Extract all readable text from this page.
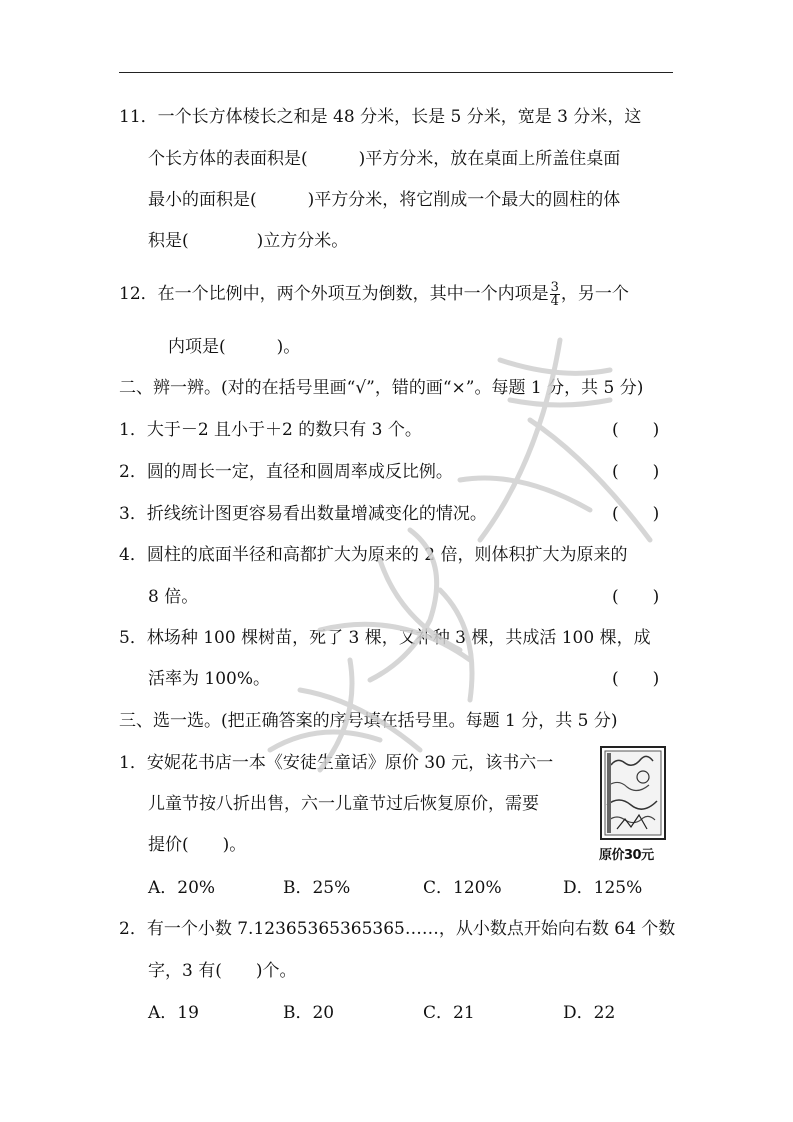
11．一个长方体棱长之和是 48 分米，长是 5 分米，宽是 3 分米，这
个长方体的表面积是(　　　)平方分米，放在桌面上所盖住桌面
最小的面积是(　　　)平方分米，将它削成一个最大的圆柱的体
积是(　　　　)立方分米。
12．在一个比例中，两个外项互为倒数，其中一个内项是 $\frac{3}{4}$ ，另一个
内项是(　　　)。
二、辨一辨。(对的在括号里画“√”，错的画“×”。每题 1 分，共 5 分)
1．大于－2 且小于＋2 的数只有 3 个。	(　　)
2．圆的周长一定，直径和圆周率成反比例。	(　　)
3．折线统计图更容易看出数量增减变化的情况。	(　　)
4．圆柱的底面半径和高都扩大为原来的 2 倍，则体积扩大为原来的
8 倍。	(　　)
5．林场种 100 棵树苗，死了 3 棵，又补种 3 棵，共成活 100 棵，成
活率为 100%。	(　　)
三、选一选。(把正确答案的序号填在括号里。每题 1 分，共 5 分)
1．安妮花书店一本《安徒生童话》原价 30 元，该书六一
儿童节按八折出售，六一儿童节过后恢复原价，需要
提价(　　)。
原价30元
A．20%	B．25%	C．120%	D．125%
2．有一个小数 7.12365365365365……，从小数点开始向右数 64 个数
字，3 有(　　)个。
A．19	B．20	C．21	D．22
